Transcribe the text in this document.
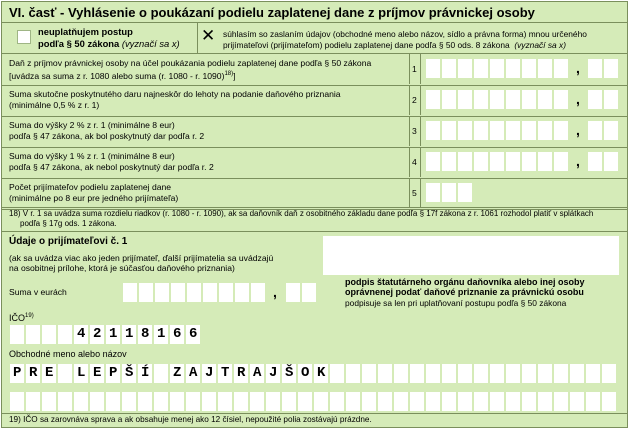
VI. časť - Vyhlásenie o poukázaní podielu zaplatenej dane z príjmov právnickej osoby
neuplatňujem postup
podľa § 50 zákona (vyznačí sa x) ✕ súhlasím so zaslaním údajov (obchodné meno alebo názov, sídlo a právna forma) mnou určeného
prijímateľovi (prijímateľom) podielu zaplatenej dane podľa § 50 ods. 8 zákona (vyznačí sa x)
Daň z príjmov právnickej osoby na účel poukázania podielu zaplatenej dane podľa § 50 zákona
[uvádza sa suma z r. 1080 alebo suma (r. 1080 - r. 1090)$^{18)}$]
1	,
Suma skutočne poskytnutého daru najneskôr do lehoty na podanie daňového priznania
(minimálne 0,5 % z r. 1)	2	,
Suma do výšky 2 % z r. 1 (minimálne 8 eur)
podľa § 47 zákona, ak bol poskytnutý dar podľa r. 2	3	,
Suma do výšky 1 % z r. 1 (minimálne 8 eur)
podľa § 47 zákona, ak nebol poskytnutý dar podľa r. 2	4	,
Počet prijímateľov podielu zaplatenej dane
(minimálne po 8 eur pre jedného prijímateľa)	5
18) V r. 1 sa uvádza suma rozdielu riadkov (r. 1080 - r. 1090), ak sa daňovník daň z osobitného základu dane podľa § 17f zákona z r. 1061 rozhodol platiť v splátkach
podľa § 17g ods. 1 zákona.
Údaje o prijímateľovi č. 1
(ak sa uvádza viac ako jeden prijímateľ, ďalší prijímatelia sa uvádzajú
na osobitnej prílohe, ktorá je súčasťou daňového priznania)
Suma v eurách	,
podpis štatutárneho orgánu daňovníka alebo inej osoby
oprávnenej podať daňové priznanie za právnickú osobu
podpisuje sa len pri uplatňovaní postupu podľa § 50 zákona
IČO$^{19)}$
4 2 1 1 8 1 6 6
Obchodné meno alebo názov
P R E L E P Š Í Z A J T R A J Š O K
19) IČO sa zarovnáva sprava a ak obsahuje menej ako 12 čísiel, nepoužité polia zostávajú prázdne.
